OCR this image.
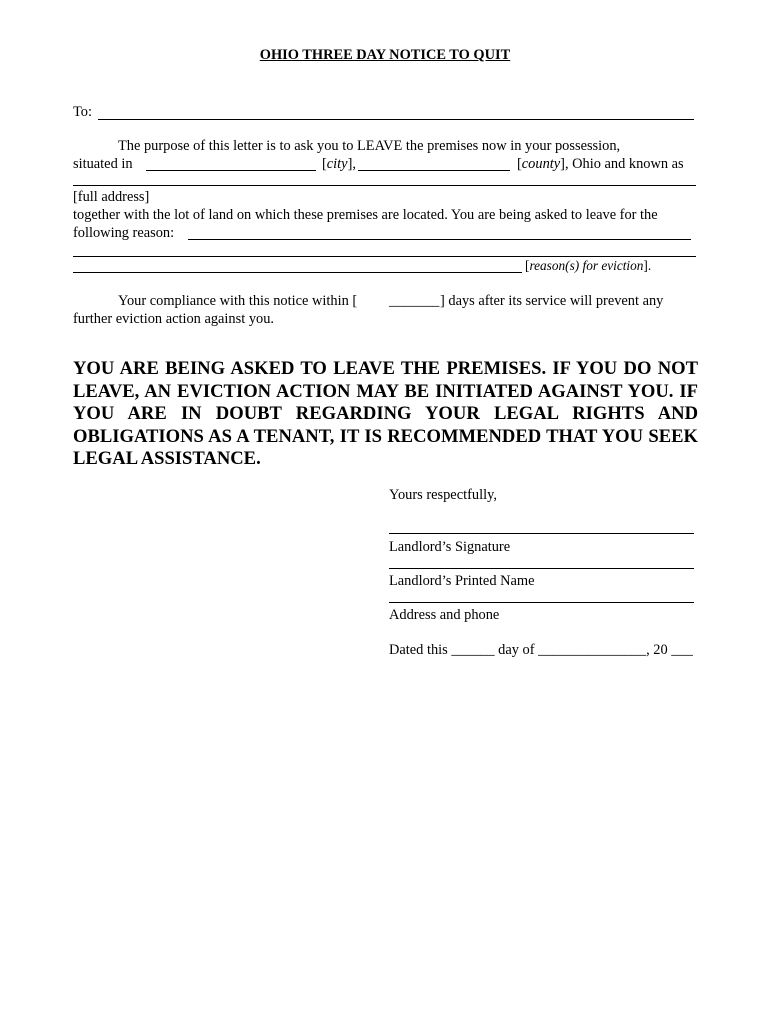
OHIO THREE DAY NOTICE TO QUIT
To:
The purpose of this letter is to ask you to LEAVE the premises now in your possession,
situated in	[city],	[county], Ohio and known as
[full address]
together with the lot of land on which these premises are located. You are being asked to leave for the
following reason:
[reason(s) for eviction].
Your compliance with this notice within [ _______ ] days after its service will prevent any
further eviction action against you.
YOU ARE BEING ASKED TO LEAVE THE PREMISES. IF YOU DO NOT LEAVE, AN EVICTION ACTION MAY BE INITIATED AGAINST YOU. IF YOU ARE IN DOUBT REGARDING YOUR LEGAL RIGHTS AND OBLIGATIONS AS A TENANT, IT IS RECOMMENDED THAT YOU SEEK LEGAL ASSISTANCE.
Yours respectfully,
Landlord’s Signature
Landlord’s Printed Name
Address and phone
Dated this ______ day of _______________, 20 ___
